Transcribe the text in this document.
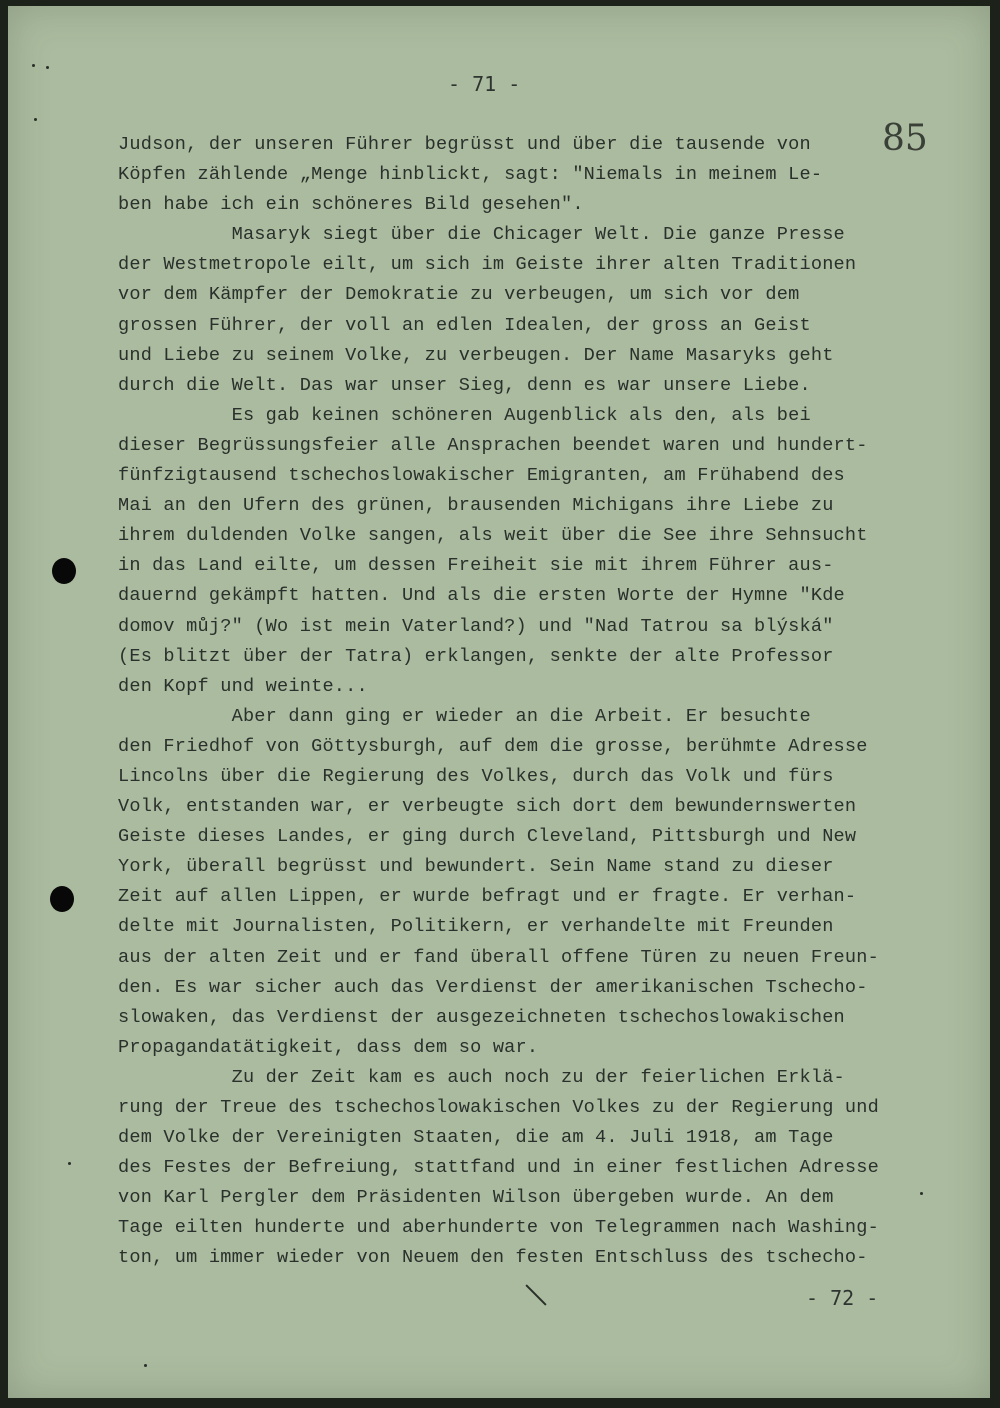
- 71 -
85
Judson, der unseren Führer begrüsst und über die tausende von
Köpfen zählende „Menge hinblickt, sagt: "Niemals in meinem Le-
ben habe ich ein schöneres Bild gesehen".
Masaryk siegt über die Chicager Welt. Die ganze Presse
der Westmetropole eilt, um sich im Geiste ihrer alten Traditionen
vor dem Kämpfer der Demokratie zu verbeugen, um sich vor dem
grossen Führer, der voll an edlen Idealen, der gross an Geist
und Liebe zu seinem Volke, zu verbeugen. Der Name Masaryks geht
durch die Welt. Das war unser Sieg, denn es war unsere Liebe.
Es gab keinen schöneren Augenblick als den, als bei
dieser Begrüssungsfeier alle Ansprachen beendet waren und hundert-
fünfzigtausend tschechoslowakischer Emigranten, am Frühabend des
Mai an den Ufern des grünen, brausenden Michigans ihre Liebe zu
ihrem duldenden Volke sangen, als weit über die See ihre Sehnsucht
in das Land eilte, um dessen Freiheit sie mit ihrem Führer aus-
dauernd gekämpft hatten. Und als die ersten Worte der Hymne "Kde
domov můj?" (Wo ist mein Vaterland?) und "Nad Tatrou sa blýská"
(Es blitzt über der Tatra) erklangen, senkte der alte Professor
den Kopf und weinte...
Aber dann ging er wieder an die Arbeit. Er besuchte
den Friedhof von Göttysburgh, auf dem die grosse, berühmte Adresse
Lincolns über die Regierung des Volkes, durch das Volk und fürs
Volk, entstanden war, er verbeugte sich dort dem bewundernswerten
Geiste dieses Landes, er ging durch Cleveland, Pittsburgh und New
York, überall begrüsst und bewundert. Sein Name stand zu dieser
Zeit auf allen Lippen, er wurde befragt und er fragte. Er verhan-
delte mit Journalisten, Politikern, er verhandelte mit Freunden
aus der alten Zeit und er fand überall offene Türen zu neuen Freun-
den. Es war sicher auch das Verdienst der amerikanischen Tschecho-
slowaken, das Verdienst der ausgezeichneten tschechoslowakischen
Propagandatätigkeit, dass dem so war.
Zu der Zeit kam es auch noch zu der feierlichen Erklä-
rung der Treue des tschechoslowakischen Volkes zu der Regierung und
dem Volke der Vereinigten Staaten, die am 4. Juli 1918, am Tage
des Festes der Befreiung, stattfand und in einer festlichen Adresse
von Karl Pergler dem Präsidenten Wilson übergeben wurde. An dem
Tage eilten hunderte und aberhunderte von Telegrammen nach Washing-
ton, um immer wieder von Neuem den festen Entschluss des tschecho-
- 72 -
